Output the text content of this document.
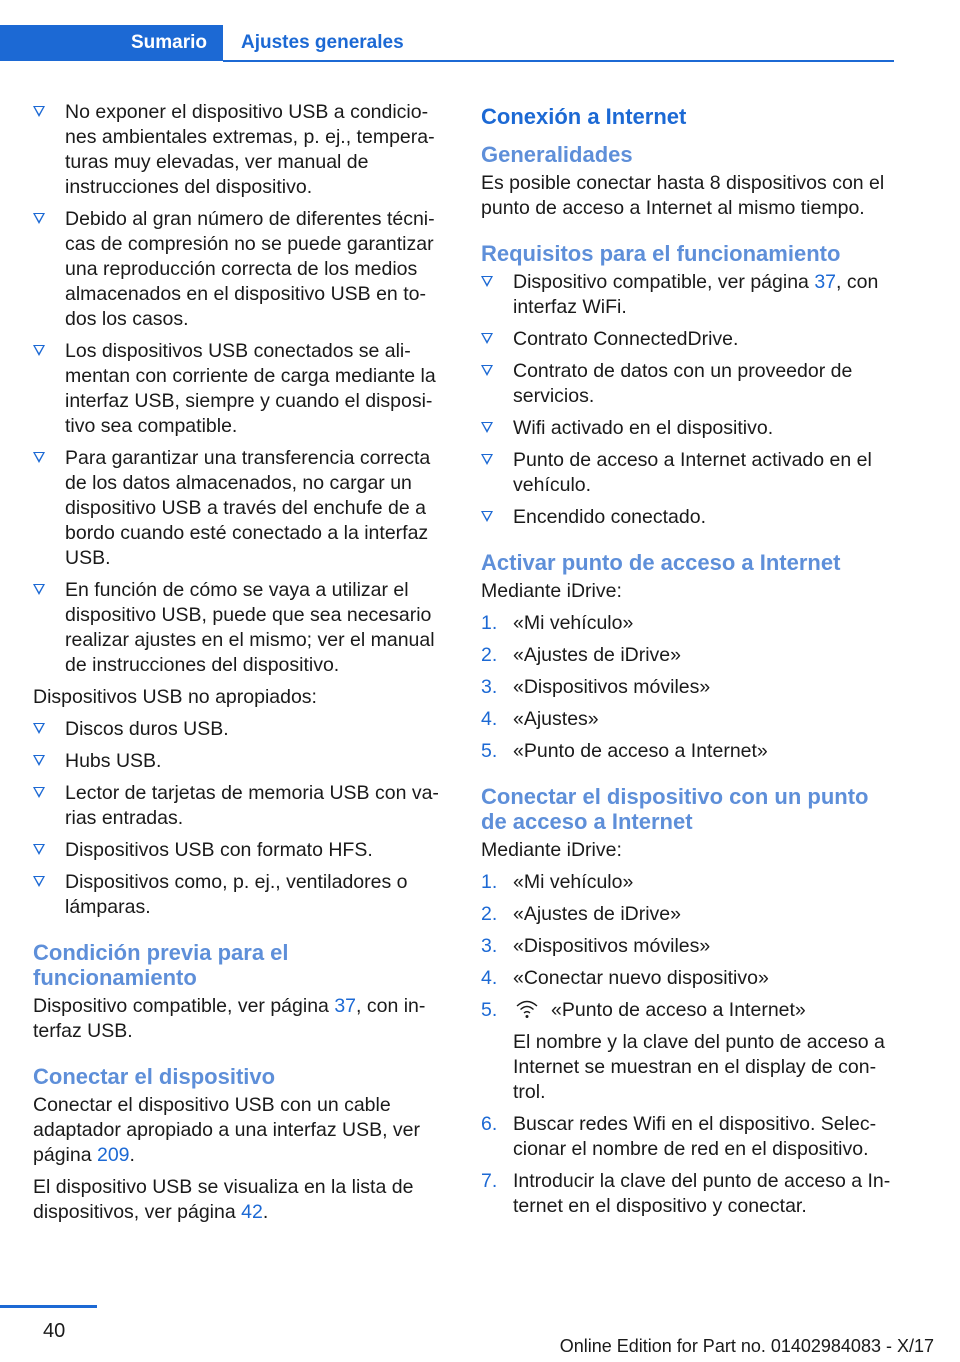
Sumario	Ajustes generales
No exponer el dispositivo USB a condicio‐ nes ambientales extremas, p. ej., tempera‐ turas muy elevadas, ver manual de instrucciones del dispositivo.
Debido al gran número de diferentes técni‐ cas de compresión no se puede garantizar una reproducción correcta de los medios almacenados en el dispositivo USB en to‐ dos los casos.
Los dispositivos USB conectados se ali‐ mentan con corriente de carga mediante la interfaz USB, siempre y cuando el disposi‐ tivo sea compatible.
Para garantizar una transferencia correcta de los datos almacenados, no cargar un dispositivo USB a través del enchufe de a bordo cuando esté conectado a la interfaz USB.
En función de cómo se vaya a utilizar el dispositivo USB, puede que sea necesario realizar ajustes en el mismo; ver el manual de instrucciones del dispositivo.

Dispositivos USB no apropiados:

Discos duros USB.
Hubs USB.
Lector de tarjetas de memoria USB con va‐ rias entradas.
Dispositivos USB con formato HFS.
Dispositivos como, p. ej., ventiladores o lámparas.
Condición previa para el funcionamiento

Dispositivo compatible, ver página 37, con in‐ terfaz USB.

Conectar el dispositivo

Conectar el dispositivo USB con un cable adaptador apropiado a una interfaz USB, ver página 209.

El dispositivo USB se visualiza en la lista de dispositivos, ver página 42.

Conexión a Internet
Generalidades

Es posible conectar hasta 8 dispositivos con el punto de acceso a Internet al mismo tiempo.

Requisitos para el funcionamiento
Dispositivo compatible, ver página 37, con interfaz WiFi.
Contrato ConnectedDrive.
Contrato de datos con un proveedor de servicios.
Wifi activado en el dispositivo.
Punto de acceso a Internet activado en el vehículo.
Encendido conectado.
Activar punto de acceso a Internet

Mediante iDrive:

1. «Mi vehículo»
2. «Ajustes de iDrive»
3. «Dispositivos móviles»
4. «Ajustes»
5. «Punto de acceso a Internet»
Conectar el dispositivo con un punto de acceso a Internet

Mediante iDrive:

1. «Mi vehículo»
2. «Ajustes de iDrive»
3. «Dispositivos móviles»
4. «Conectar nuevo dispositivo»
5.	«Punto de acceso a Internet»
El nombre y la clave del punto de acceso a Internet se muestran en el display de con‐ trol.
6. Buscar redes Wifi en el dispositivo. Selec‐ cionar el nombre de red en el dispositivo.
7. Introducir la clave del punto de acceso a In‐ ternet en el dispositivo y conectar.
40
Online Edition for Part no. 01402984083 - X/17
